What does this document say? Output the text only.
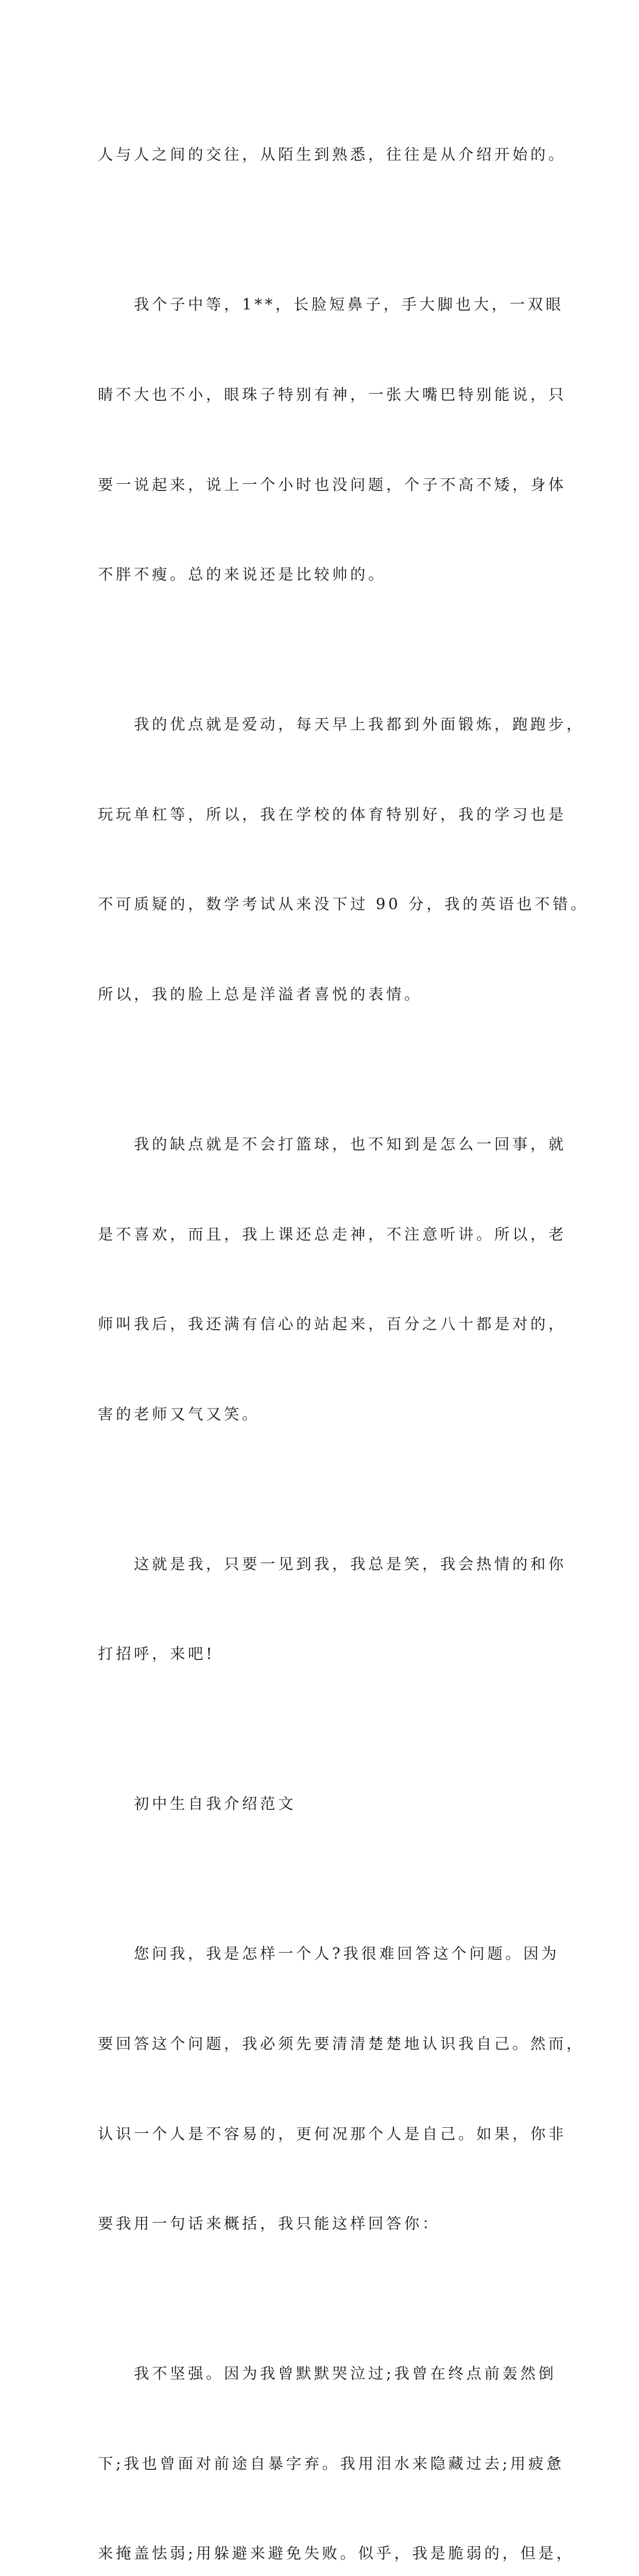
人与人之间的交往，从陌生到熟悉，往往是从介绍开始的。

我个子中等，1**，长脸短鼻子，手大脚也大，一双眼

睛不大也不小，眼珠子特别有神，一张大嘴巴特别能说，只

要一说起来，说上一个小时也没问题，个子不高不矮，身体

不胖不瘦。总的来说还是比较帅的。

我的优点就是爱动，每天早上我都到外面锻炼，跑跑步，

玩玩单杠等，所以，我在学校的体育特别好，我的学习也是

不可质疑的，数学考试从来没下过 90 分，我的英语也不错。

所以，我的脸上总是洋溢者喜悦的表情。

我的缺点就是不会打篮球，也不知到是怎么一回事，就

是不喜欢，而且，我上课还总走神，不注意听讲。所以，老

师叫我后，我还满有信心的站起来，百分之八十都是对的，

害的老师又气又笑。

这就是我，只要一见到我，我总是笑，我会热情的和你

打招呼，来吧!

初中生自我介绍范文

您问我，我是怎样一个人?我很难回答这个问题。因为

要回答这个问题，我必须先要清清楚楚地认识我自己。然而，

认识一个人是不容易的，更何况那个人是自己。如果，你非

要我用一句话来概括，我只能这样回答你：

我不坚强。因为我曾默默哭泣过;我曾在终点前轰然倒

下;我也曾面对前途自暴字弃。我用泪水来隐藏过去;用疲惫

来掩盖怯弱;用躲避来避免失败。似乎，我是脆弱的，但是，
